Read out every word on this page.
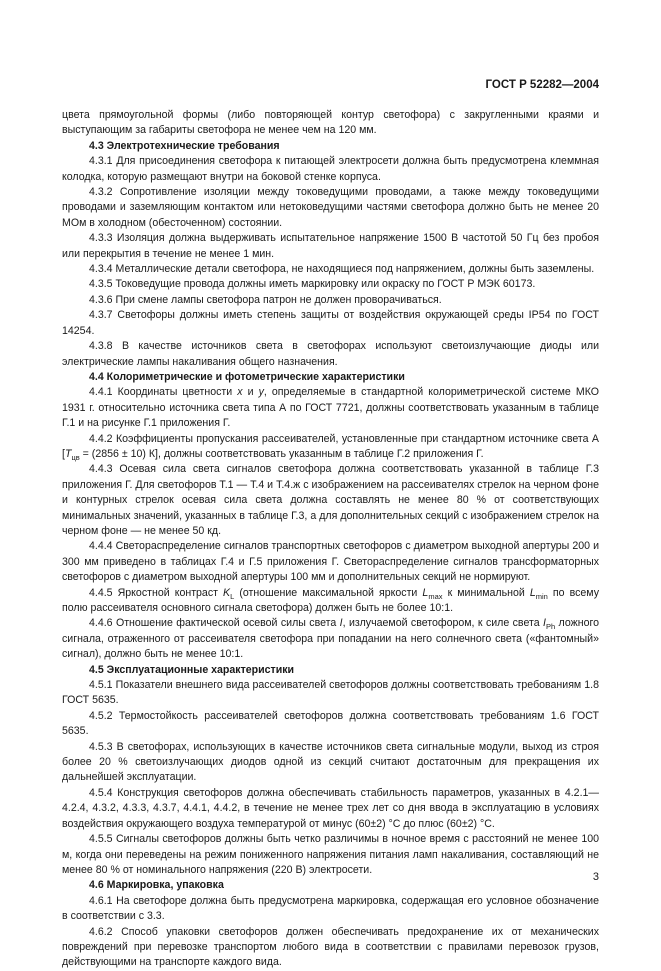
ГОСТ Р 52282—2004

цвета прямоугольной формы (либо повторяющей контур светофора) с закругленными краями и выступающим за габариты светофора не менее чем на 120 мм.

4.3 Электротехнические требования

4.3.1 Для присоединения светофора к питающей электросети должна быть предусмотрена клеммная колодка, которую размещают внутри на боковой стенке корпуса.

4.3.2 Сопротивление изоляции между токоведущими проводами, а также между токоведущими проводами и заземляющим контактом или нетоковедущими частями светофора должно быть не менее 20 МОм в холодном (обесточенном) состоянии.

4.3.3 Изоляция должна выдерживать испытательное напряжение 1500 В частотой 50 Гц без пробоя или перекрытия в течение не менее 1 мин.

4.3.4 Металлические детали светофора, не находящиеся под напряжением, должны быть заземлены.

4.3.5 Токоведущие провода должны иметь маркировку или окраску по ГОСТ Р МЭК 60173.

4.3.6 При смене лампы светофора патрон не должен проворачиваться.

4.3.7 Светофоры должны иметь степень защиты от воздействия окружающей среды IP54 по ГОСТ 14254.

4.3.8 В качестве источников света в светофорах используют светоизлучающие диоды или электрические лампы накаливания общего назначения.

4.4 Колориметрические и фотометрические характеристики

4.4.1 Координаты цветности x и y, определяемые в стандартной колориметрической системе МКО 1931 г. относительно источника света типа А по ГОСТ 7721, должны соответствовать указанным в таблице Г.1 и на рисунке Г.1 приложения Г.

4.4.2 Коэффициенты пропускания рассеивателей, установленные при стандартном источнике света А [$T_{цв} = (2856 \pm 10)$ К], должны соответствовать указанным в таблице Г.2 приложения Г.

4.4.3 Осевая сила света сигналов светофора должна соответствовать указанной в таблице Г.3 приложения Г. Для светофоров Т.1 — Т.4 и Т.4.ж с изображением на рассеивателях стрелок на черном фоне и контурных стрелок осевая сила света должна составлять не менее 80 % от соответствующих минимальных значений, указанных в таблице Г.3, а для дополнительных секций с изображением стрелок на черном фоне — не менее 50 кд.

4.4.4 Светораспределение сигналов транспортных светофоров с диаметром выходной апертуры 200 и 300 мм приведено в таблицах Г.4 и Г.5 приложения Г. Светораспределение сигналов трансформаторных светофоров с диаметром выходной апертуры 100 мм и дополнительных секций не нормируют.

4.4.5 Яркостной контраст $K_L$ (отношение максимальной яркости $L_{max}$ к минимальной $L_{min}$ по всему полю рассеивателя основного сигнала светофора) должен быть не более 10:1.

4.4.6 Отношение фактической осевой силы света I, излучаемой светофором, к силе света $I_{Ph}$ ложного сигнала, отраженного от рассеивателя светофора при попадании на него солнечного света («фантомный» сигнал), должно быть не менее 10:1.

4.5 Эксплуатационные характеристики

4.5.1 Показатели внешнего вида рассеивателей светофоров должны соответствовать требованиям 1.8 ГОСТ 5635.

4.5.2 Термостойкость рассеивателей светофоров должна соответствовать требованиям 1.6 ГОСТ 5635.

4.5.3 В светофорах, использующих в качестве источников света сигнальные модули, выход из строя более 20 % светоизлучающих диодов одной из секций считают достаточным для прекращения их дальнейшей эксплуатации.

4.5.4 Конструкция светофоров должна обеспечивать стабильность параметров, указанных в 4.2.1—4.2.4, 4.3.2, 4.3.3, 4.3.7, 4.4.1, 4.4.2, в течение не менее трех лет со дня ввода в эксплуатацию в условиях воздействия окружающего воздуха температурой от минус (60±2) °С до плюс (60±2) °С.

4.5.5 Сигналы светофоров должны быть четко различимы в ночное время с расстояний не менее 100 м, когда они переведены на режим пониженного напряжения питания ламп накаливания, составляющий не менее 80 % от номинального напряжения (220 В) электросети.

4.6 Маркировка, упаковка

4.6.1 На светофоре должна быть предусмотрена маркировка, содержащая его условное обозначение в соответствии с 3.3.

4.6.2 Способ упаковки светофоров должен обеспечивать предохранение их от механических повреждений при перевозке транспортом любого вида в соответствии с правилами перевозок грузов, действующими на транспорте каждого вида.

3
